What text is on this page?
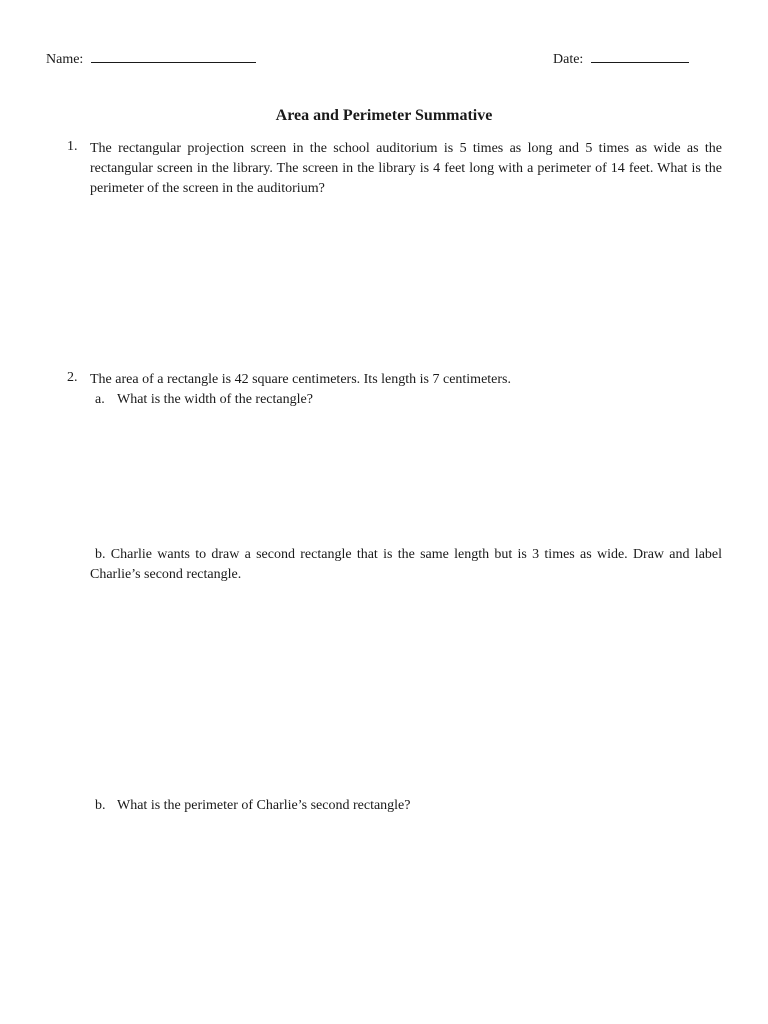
Name:	Date:
Area and Perimeter Summative
1. The rectangular projection screen in the school auditorium is 5 times as long and 5 times as wide as the rectangular screen in the library. The screen in the library is 4 feet long with a perimeter of 14 feet. What is the perimeter of the screen in the auditorium?
2. The area of a rectangle is 42 square centimeters. Its length is 7 centimeters.
a. What is the width of the rectangle?
b. Charlie wants to draw a second rectangle that is the same length but is 3 times as wide. Draw and label Charlie’s second rectangle.
b. What is the perimeter of Charlie’s second rectangle?
